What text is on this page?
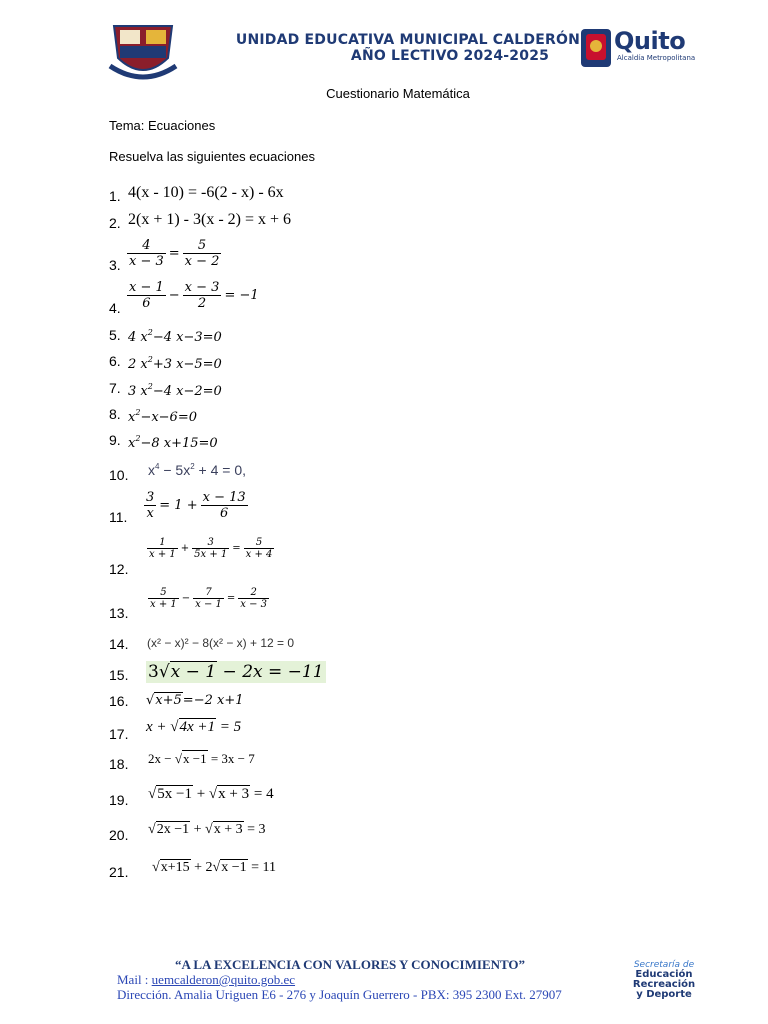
UNIDAD EDUCATIVA MUNICIPAL CALDERÓN
AÑO LECTIVO 2024-2025
Quito
Alcaldía Metropolitana
Cuestionario Matemática
Tema: Ecuaciones
Resuelva las siguientes ecuaciones
1. 4(x - 10) = -6(2 - x) - 6x
2. 2(x + 1) - 3(x - 2) = x + 6
3. $\frac{4}{x - 3} = \frac{5}{x - 2}$
4. $\frac{x - 1}{6} - \frac{x - 3}{2} = -1$
5. 4 $x^2-4$ x−3=0
6. 2 $x^2+3$ x−5=0
7. 3 $x^2-4$ x−2=0
8. $x^2-x-6=0$
9. $x^2-8$ x+15=0
10. $x^4 - 5x^2 + 4 = 0$,
11. $\frac{3}{x} = 1 + \frac{x - 13}{6}$
12.
$\frac{1}{x + 1} + \frac{3}{5x + 1} = \frac{5}{x + 4}$
13.
$\frac{5}{x + 1} - \frac{7}{x - 1} = \frac{2}{x - 3}$
14. (x² − x)² − 8(x² − x) + 12 = 0
15. 3√x − 1 − 2x = −11
16. √x+5=−2 x+1
17. x + √4x +1 = 5
18. 2x − √x −1 = 3x − 7
19. √5x −1 + √x + 3 = 4
20. √2x −1 + √x + 3 = 3
21. √x+15 + 2√x −1 = 11
“A LA EXCELENCIA CON VALORES Y CONOCIMIENTO”
Mail : uemcalderon@quito.gob.ec
Dirección. Amalia Uriguen E6 - 276 y Joaquín Guerrero - PBX: 395 2300 Ext. 27907
Secretaría de
Educación
Recreación
y Deporte
